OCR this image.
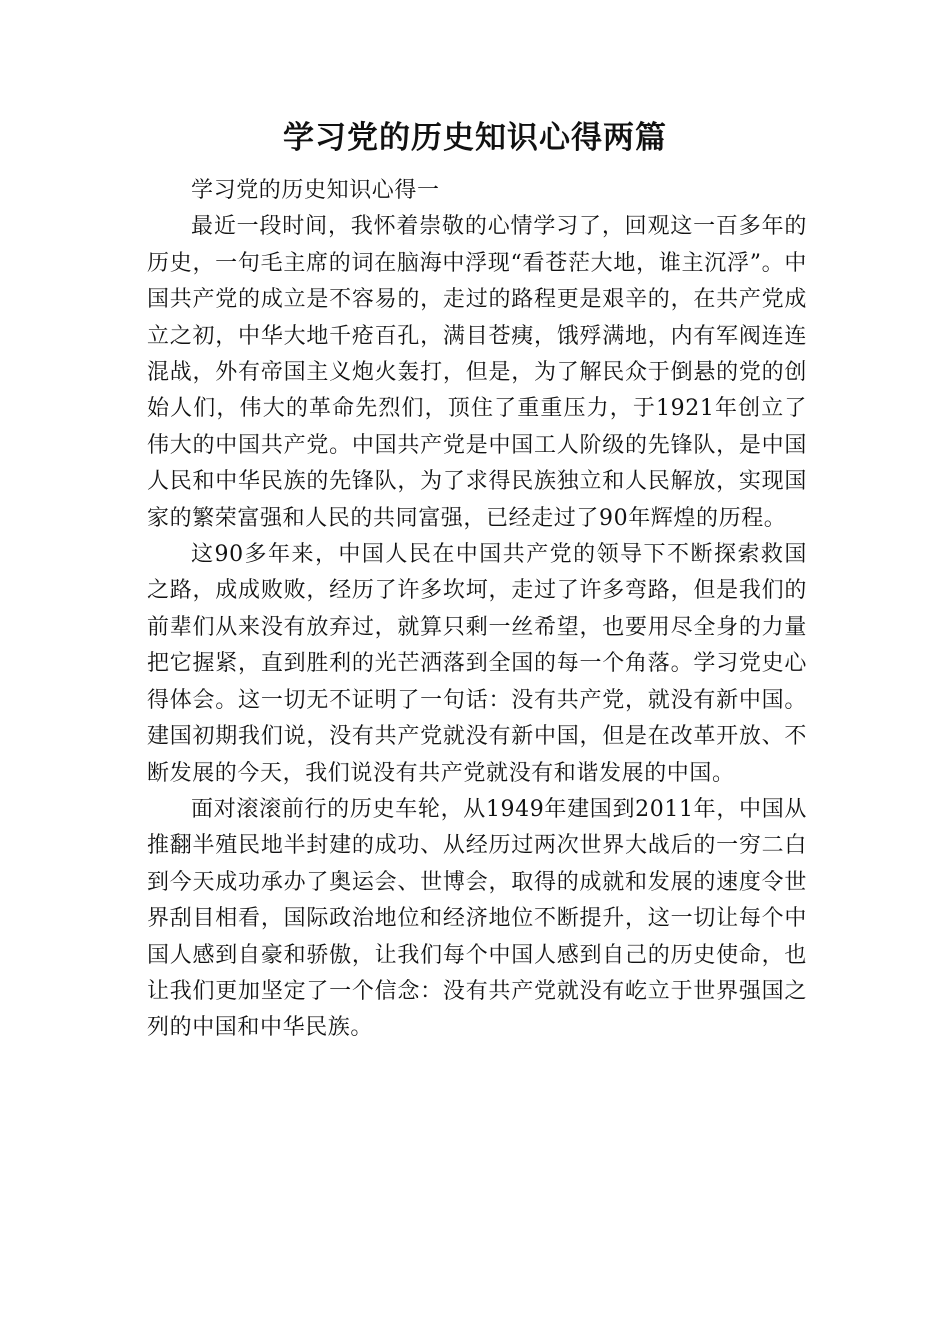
学习党的历史知识心得两篇

学习党的历史知识心得一

最近一段时间，我怀着崇敬的心情学习了，回观这一百多年的历史，一句毛主席的词在脑海中浮现“看苍茫大地，谁主沉浮”。中国共产党的成立是不容易的，走过的路程更是艰辛的，在共产党成立之初，中华大地千疮百孔，满目苍痍，饿殍满地，内有军阀连连混战，外有帝国主义炮火轰打，但是，为了解民众于倒悬的党的创始人们，伟大的革命先烈们，顶住了重重压力，于1921年创立了伟大的中国共产党。中国共产党是中国工人阶级的先锋队，是中国人民和中华民族的先锋队，为了求得民族独立和人民解放，实现国家的繁荣富强和人民的共同富强，已经走过了90年辉煌的历程。

这90多年来，中国人民在中国共产党的领导下不断探索救国之路，成成败败，经历了许多坎坷，走过了许多弯路，但是我们的前辈们从来没有放弃过，就算只剩一丝希望，也要用尽全身的力量把它握紧，直到胜利的光芒洒落到全国的每一个角落。学习党史心得体会。这一切无不证明了一句话：没有共产党，就没有新中国。建国初期我们说，没有共产党就没有新中国，但是在改革开放、不断发展的今天，我们说没有共产党就没有和谐发展的中国。

面对滚滚前行的历史车轮，从1949年建国到2011年，中国从推翻半殖民地半封建的成功、从经历过两次世界大战后的一穷二白到今天成功承办了奥运会、世博会，取得的成就和发展的速度令世界刮目相看，国际政治地位和经济地位不断提升，这一切让每个中国人感到自豪和骄傲，让我们每个中国人感到自己的历史使命，也让我们更加坚定了一个信念：没有共产党就没有屹立于世界强国之列的中国和中华民族。
